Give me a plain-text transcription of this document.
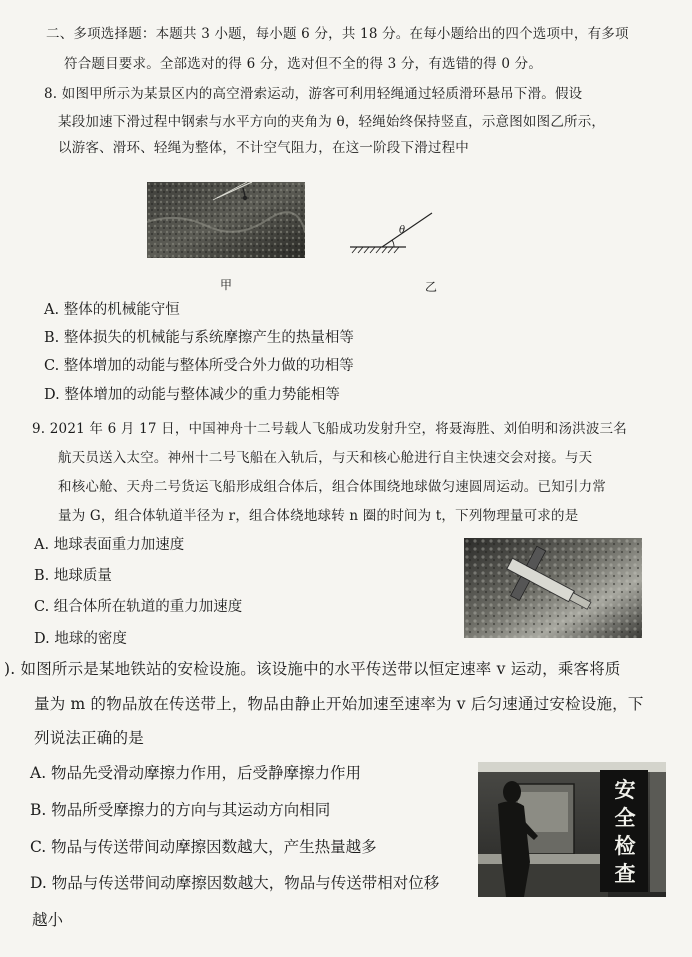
二、多项选择题：本题共 3 小题，每小题 6 分，共 18 分。在每小题给出的四个选项中，有多项
符合题目要求。全部选对的得 6 分，选对但不全的得 3 分，有选错的得 0 分。
8. 如图甲所示为某景区内的高空滑索运动，游客可利用轻绳通过轻质滑环悬吊下滑。假设
某段加速下滑过程中钢索与水平方向的夹角为 θ，轻绳始终保持竖直，示意图如图乙所示，
以游客、滑环、轻绳为整体，不计空气阻力，在这一阶段下滑过程中
甲
θ
乙
A. 整体的机械能守恒
B. 整体损失的机械能与系统摩擦产生的热量相等
C. 整体增加的动能与整体所受合外力做的功相等
D. 整体增加的动能与整体减少的重力势能相等
9. 2021 年 6 月 17 日，中国神舟十二号载人飞船成功发射升空，将聂海胜、刘伯明和汤洪波三名
航天员送入太空。神州十二号飞船在入轨后，与天和核心舱进行自主快速交会对接。与天
和核心舱、天舟二号货运飞船形成组合体后，组合体围绕地球做匀速圆周运动。已知引力常
量为 G，组合体轨道半径为 r，组合体绕地球转 n 圈的时间为 t，下列物理量可求的是
A. 地球表面重力加速度
B. 地球质量
C. 组合体所在轨道的重力加速度
D. 地球的密度
). 如图所示是某地铁站的安检设施。该设施中的水平传送带以恒定速率 v 运动，乘客将质
量为 m 的物品放在传送带上，物品由静止开始加速至速率为 v 后匀速通过安检设施，下
列说法正确的是
A. 物品先受滑动摩擦力作用，后受静摩擦力作用
B. 物品所受摩擦力的方向与其运动方向相同
C. 物品与传送带间动摩擦因数越大，产生热量越多
D. 物品与传送带间动摩擦因数越大，物品与传送带相对位移
越小
安
全
检
查
